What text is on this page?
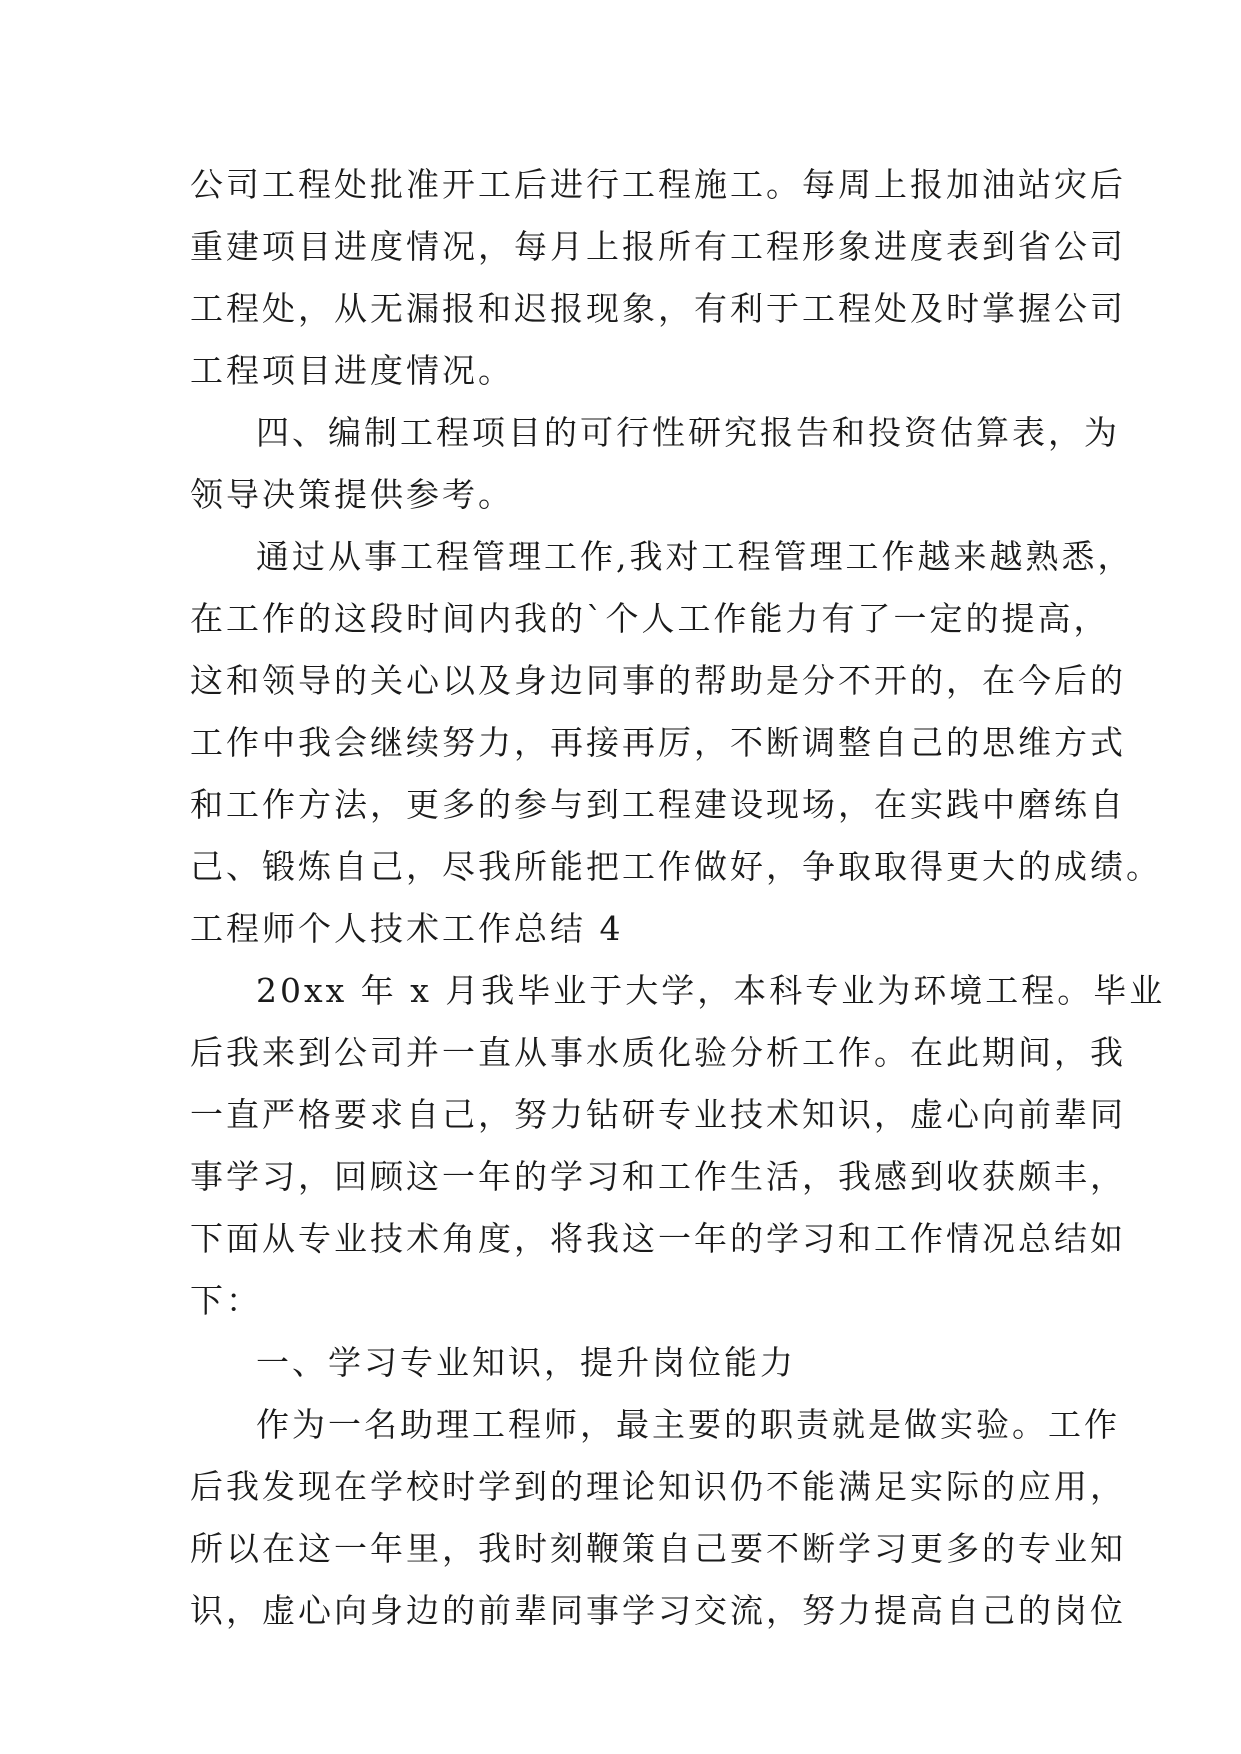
公司工程处批准开工后进行工程施工。每周上报加油站灾后
重建项目进度情况，每月上报所有工程形象进度表到省公司
工程处，从无漏报和迟报现象，有利于工程处及时掌握公司
工程项目进度情况。
四、编制工程项目的可行性研究报告和投资估算表，为
领导决策提供参考。
通过从事工程管理工作,我对工程管理工作越来越熟悉，
在工作的这段时间内我的`个人工作能力有了一定的提高，
这和领导的关心以及身边同事的帮助是分不开的，在今后的
工作中我会继续努力，再接再厉，不断调整自己的思维方式
和工作方法，更多的参与到工程建设现场，在实践中磨练自
己、锻炼自己，尽我所能把工作做好，争取取得更大的成绩。
工程师个人技术工作总结 4
20xx 年 x 月我毕业于大学，本科专业为环境工程。毕业
后我来到公司并一直从事水质化验分析工作。在此期间，我
一直严格要求自己，努力钻研专业技术知识，虚心向前辈同
事学习，回顾这一年的学习和工作生活，我感到收获颇丰，
下面从专业技术角度，将我这一年的学习和工作情况总结如
下：
一、学习专业知识，提升岗位能力
作为一名助理工程师，最主要的职责就是做实验。工作
后我发现在学校时学到的理论知识仍不能满足实际的应用，
所以在这一年里，我时刻鞭策自己要不断学习更多的专业知
识，虚心向身边的前辈同事学习交流，努力提高自己的岗位
